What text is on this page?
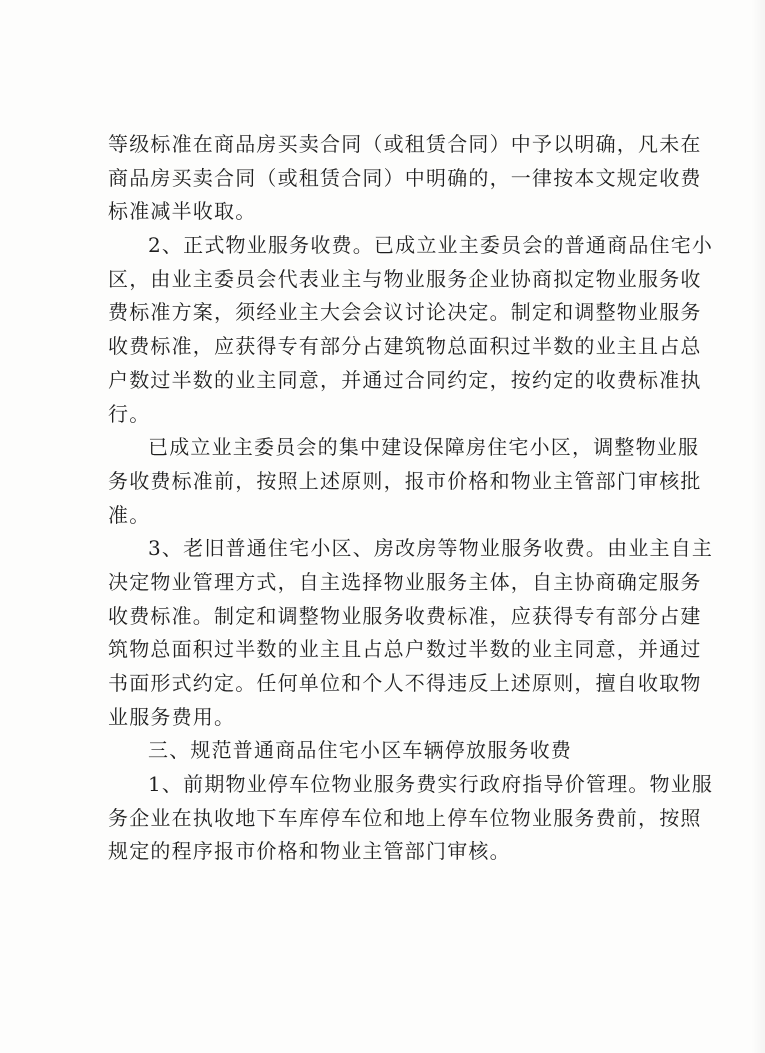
等级标准在商品房买卖合同（或租赁合同）中予以明确，凡未在
商品房买卖合同（或租赁合同）中明确的，一律按本文规定收费
标准减半收取。
2、正式物业服务收费。已成立业主委员会的普通商品住宅小
区，由业主委员会代表业主与物业服务企业协商拟定物业服务收
费标准方案，须经业主大会会议讨论决定。制定和调整物业服务
收费标准，应获得专有部分占建筑物总面积过半数的业主且占总
户数过半数的业主同意，并通过合同约定，按约定的收费标准执
行。
已成立业主委员会的集中建设保障房住宅小区，调整物业服
务收费标准前，按照上述原则，报市价格和物业主管部门审核批
准。
3、老旧普通住宅小区、房改房等物业服务收费。由业主自主
决定物业管理方式，自主选择物业服务主体，自主协商确定服务
收费标准。制定和调整物业服务收费标准，应获得专有部分占建
筑物总面积过半数的业主且占总户数过半数的业主同意，并通过
书面形式约定。任何单位和个人不得违反上述原则，擅自收取物
业服务费用。
三、规范普通商品住宅小区车辆停放服务收费
1、前期物业停车位物业服务费实行政府指导价管理。物业服
务企业在执收地下车库停车位和地上停车位物业服务费前，按照
规定的程序报市价格和物业主管部门审核。
